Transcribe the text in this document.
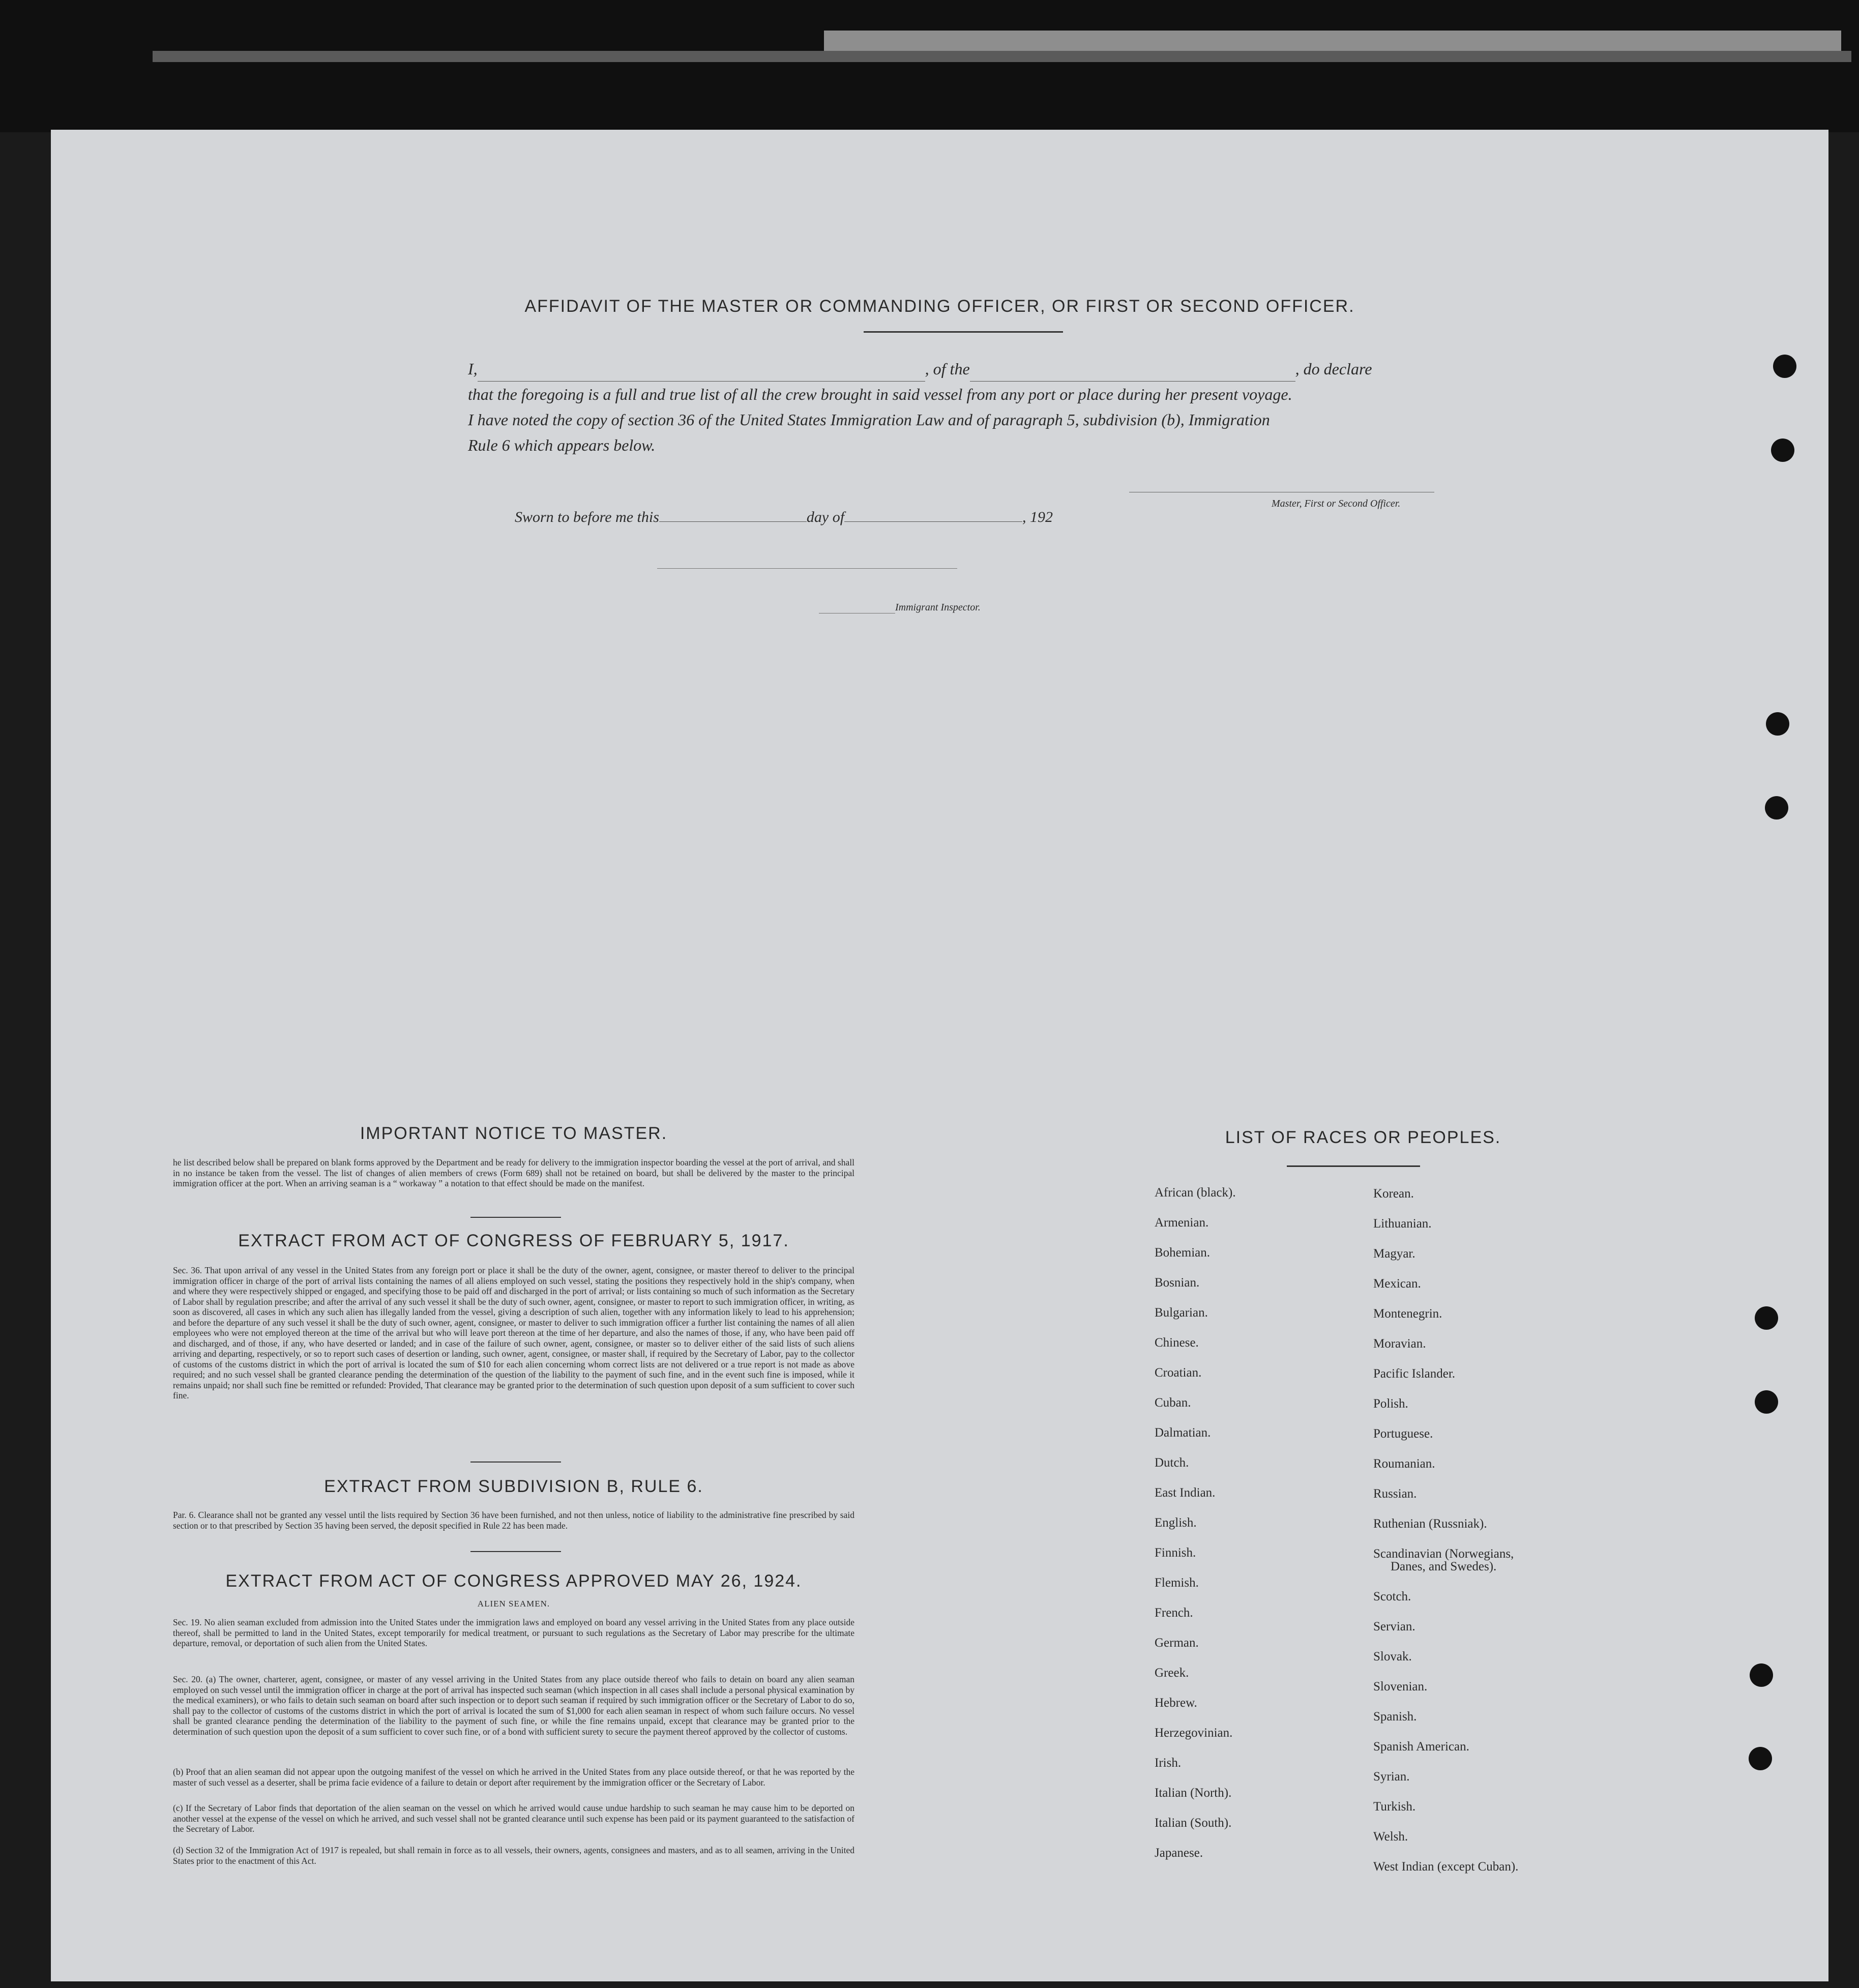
AFFIDAVIT OF THE MASTER OR COMMANDING OFFICER, OR FIRST OR SECOND OFFICER.
I,	, of the	, do declare
that the foregoing is a full and true list of all the crew brought in said vessel from any port or place during her present voyage.
I have noted the copy of section 36 of the United States Immigration Law and of paragraph 5, subdivision (b), Immigration
Rule 6 which appears below.
Master, First or Second Officer.
Sworn to before me this	day of	, 192
Immigrant Inspector.
IMPORTANT NOTICE TO MASTER.
he list described below shall be prepared on blank forms approved by the Department and be ready for delivery to the immigration inspector boarding the vessel at the port of arrival, and shall in no instance be taken from the vessel. The list of changes of alien members of crews (Form 689) shall not be retained on board, but shall be delivered by the master to the principal immigration officer at the port. When an arriving seaman is a “ workaway ” a notation to that effect should be made on the manifest.
EXTRACT FROM ACT OF CONGRESS OF FEBRUARY 5, 1917.
Sec. 36. That upon arrival of any vessel in the United States from any foreign port or place it shall be the duty of the owner, agent, consignee, or master thereof to deliver to the principal immigration officer in charge of the port of arrival lists containing the names of all aliens employed on such vessel, stating the positions they respectively hold in the ship's company, when and where they were respectively shipped or engaged, and specifying those to be paid off and discharged in the port of arrival; or lists containing so much of such information as the Secretary of Labor shall by regulation prescribe; and after the arrival of any such vessel it shall be the duty of such owner, agent, consignee, or master to report to such immigration officer, in writing, as soon as discovered, all cases in which any such alien has illegally landed from the vessel, giving a description of such alien, together with any information likely to lead to his apprehension; and before the departure of any such vessel it shall be the duty of such owner, agent, consignee, or master to deliver to such immigration officer a further list containing the names of all alien employees who were not employed thereon at the time of the arrival but who will leave port thereon at the time of her departure, and also the names of those, if any, who have been paid off and discharged, and of those, if any, who have deserted or landed; and in case of the failure of such owner, agent, consignee, or master so to deliver either of the said lists of such aliens arriving and departing, respectively, or so to report such cases of desertion or landing, such owner, agent, consignee, or master shall, if required by the Secretary of Labor, pay to the collector of customs of the customs district in which the port of arrival is located the sum of $10 for each alien concerning whom correct lists are not delivered or a true report is not made as above required; and no such vessel shall be granted clearance pending the determination of the question of the liability to the payment of such fine, and in the event such fine is imposed, while it remains unpaid; nor shall such fine be remitted or refunded: Provided, That clearance may be granted prior to the determination of such question upon deposit of a sum sufficient to cover such fine.
EXTRACT FROM SUBDIVISION B, RULE 6.
Par. 6. Clearance shall not be granted any vessel until the lists required by Section 36 have been furnished, and not then unless, notice of liability to the administrative fine prescribed by said section or to that prescribed by Section 35 having been served, the deposit specified in Rule 22 has been made.
EXTRACT FROM ACT OF CONGRESS APPROVED MAY 26, 1924.
ALIEN SEAMEN.
Sec. 19. No alien seaman excluded from admission into the United States under the immigration laws and employed on board any vessel arriving in the United States from any place outside thereof, shall be permitted to land in the United States, except temporarily for medical treatment, or pursuant to such regulations as the Secretary of Labor may prescribe for the ultimate departure, removal, or deportation of such alien from the United States.
Sec. 20. (a) The owner, charterer, agent, consignee, or master of any vessel arriving in the United States from any place outside thereof who fails to detain on board any alien seaman employed on such vessel until the immigration officer in charge at the port of arrival has inspected such seaman (which inspection in all cases shall include a personal physical examination by the medical examiners), or who fails to detain such seaman on board after such inspection or to deport such seaman if required by such immigration officer or the Secretary of Labor to do so, shall pay to the collector of customs of the customs district in which the port of arrival is located the sum of $1,000 for each alien seaman in respect of whom such failure occurs. No vessel shall be granted clearance pending the determination of the liability to the payment of such fine, or while the fine remains unpaid, except that clearance may be granted prior to the determination of such question upon the deposit of a sum sufficient to cover such fine, or of a bond with sufficient surety to secure the payment thereof approved by the collector of customs.
(b) Proof that an alien seaman did not appear upon the outgoing manifest of the vessel on which he arrived in the United States from any place outside thereof, or that he was reported by the master of such vessel as a deserter, shall be prima facie evidence of a failure to detain or deport after requirement by the immigration officer or the Secretary of Labor.
(c) If the Secretary of Labor finds that deportation of the alien seaman on the vessel on which he arrived would cause undue hardship to such seaman he may cause him to be deported on another vessel at the expense of the vessel on which he arrived, and such vessel shall not be granted clearance until such expense has been paid or its payment guaranteed to the satisfaction of the Secretary of Labor.
(d) Section 32 of the Immigration Act of 1917 is repealed, but shall remain in force as to all vessels, their owners, agents, consignees and masters, and as to all seamen, arriving in the United States prior to the enactment of this Act.
LIST OF RACES OR PEOPLES.
African (black).
Armenian.
Bohemian.
Bosnian.
Bulgarian.
Chinese.
Croatian.
Cuban.
Dalmatian.
Dutch.
East Indian.
English.
Finnish.
Flemish.
French.
German.
Greek.
Hebrew.
Herzegovinian.
Irish.
Italian (North).
Italian (South).
Japanese.
Korean.
Lithuanian.
Magyar.
Mexican.
Montenegrin.
Moravian.
Pacific Islander.
Polish.
Portuguese.
Roumanian.
Russian.
Ruthenian (Russniak).
Scandinavian (Norwegians,
Danes, and Swedes).
Scotch.
Servian.
Slovak.
Slovenian.
Spanish.
Spanish American.
Syrian.
Turkish.
Welsh.
West Indian (except Cuban).
